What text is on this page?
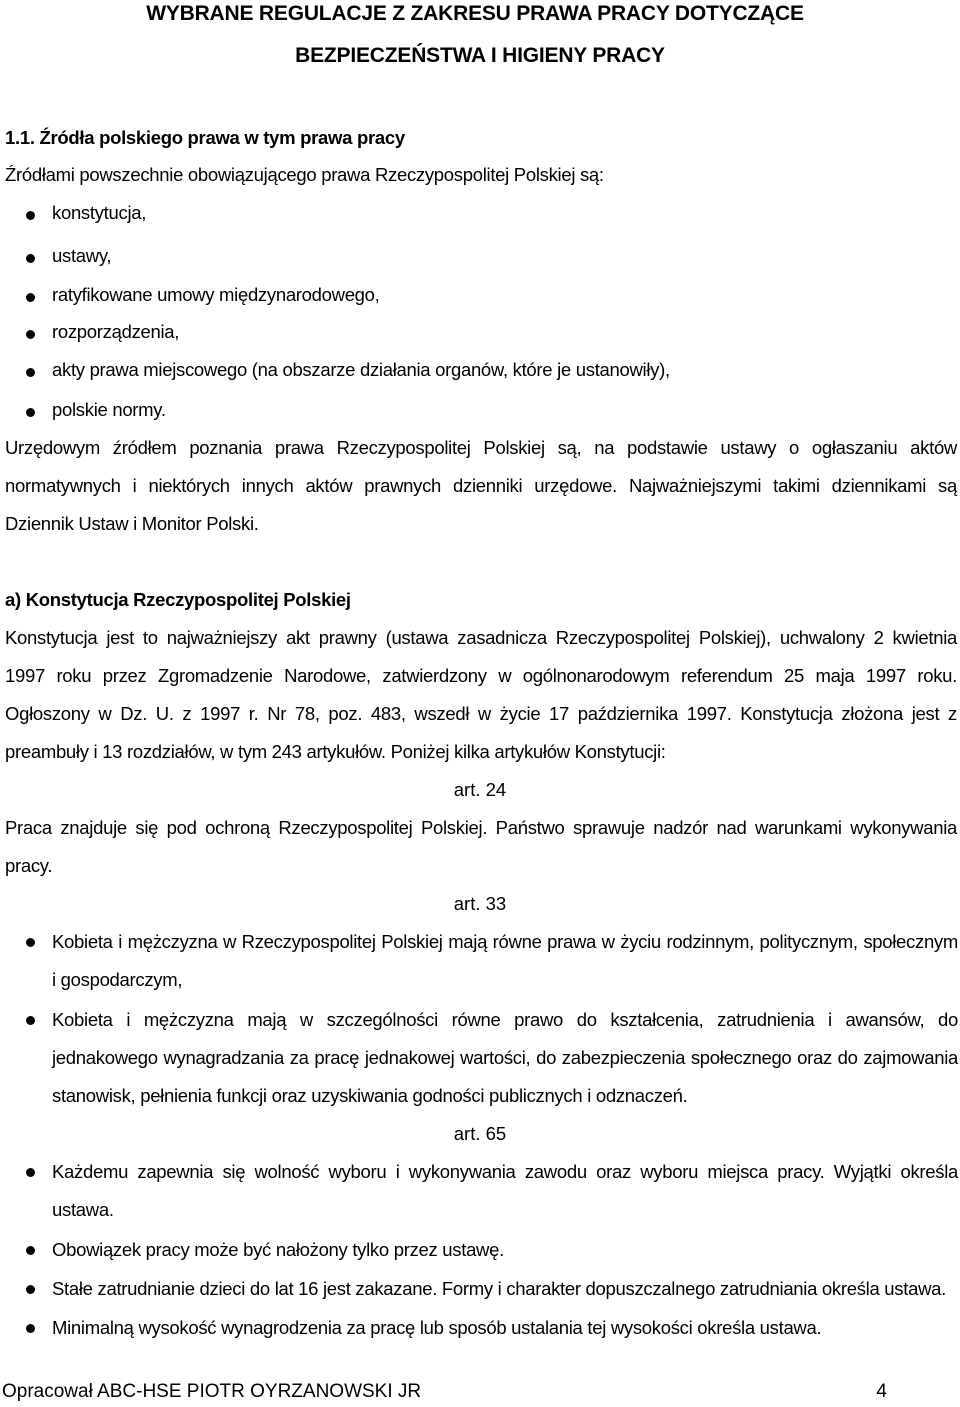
WYBRANE REGULACJE Z ZAKRESU PRAWA PRACY DOTYCZĄCE
BEZPIECZEŃSTWA I HIGIENY PRACY
1.1. Źródła polskiego prawa w tym prawa pracy
Źródłami powszechnie obowiązującego prawa Rzeczypospolitej Polskiej są:
konstytucja,
ustawy,
ratyfikowane umowy międzynarodowego,
rozporządzenia,
akty prawa miejscowego (na obszarze działania organów, które je ustanowiły),
polskie normy.
Urzędowym źródłem poznania prawa Rzeczypospolitej Polskiej są, na podstawie ustawy o ogłaszaniu aktów
normatywnych i niektórych innych aktów prawnych dzienniki urzędowe. Najważniejszymi takimi dziennikami są
Dziennik Ustaw i Monitor Polski.
a) Konstytucja Rzeczypospolitej Polskiej
Konstytucja jest to najważniejszy akt prawny (ustawa zasadnicza Rzeczypospolitej Polskiej), uchwalony 2 kwietnia
1997 roku przez Zgromadzenie Narodowe, zatwierdzony w ogólnonarodowym referendum 25 maja 1997 roku.
Ogłoszony w Dz. U. z 1997 r. Nr 78, poz. 483, wszedł w życie 17 października 1997. Konstytucja złożona jest z
preambuły i 13 rozdziałów, w tym 243 artykułów. Poniżej kilka artykułów Konstytucji:
art. 24
Praca znajduje się pod ochroną Rzeczypospolitej Polskiej. Państwo sprawuje nadzór nad warunkami wykonywania
pracy.
art. 33
Kobieta i mężczyzna w Rzeczypospolitej Polskiej mają równe prawa w życiu rodzinnym, politycznym, społecznym
i gospodarczym,
Kobieta i mężczyzna mają w szczególności równe prawo do kształcenia, zatrudnienia i awansów, do
jednakowego wynagradzania za pracę jednakowej wartości, do zabezpieczenia społecznego oraz do zajmowania
stanowisk, pełnienia funkcji oraz uzyskiwania godności publicznych i odznaczeń.
art. 65
Każdemu zapewnia się wolność wyboru i wykonywania zawodu oraz wyboru miejsca pracy. Wyjątki określa
ustawa.
Obowiązek pracy może być nałożony tylko przez ustawę.
Stałe zatrudnianie dzieci do lat 16 jest zakazane. Formy i charakter dopuszczalnego zatrudniania określa ustawa.
Minimalną wysokość wynagrodzenia za pracę lub sposób ustalania tej wysokości określa ustawa.
Opracował ABC-HSE PIOTR OYRZANOWSKI JR	4
